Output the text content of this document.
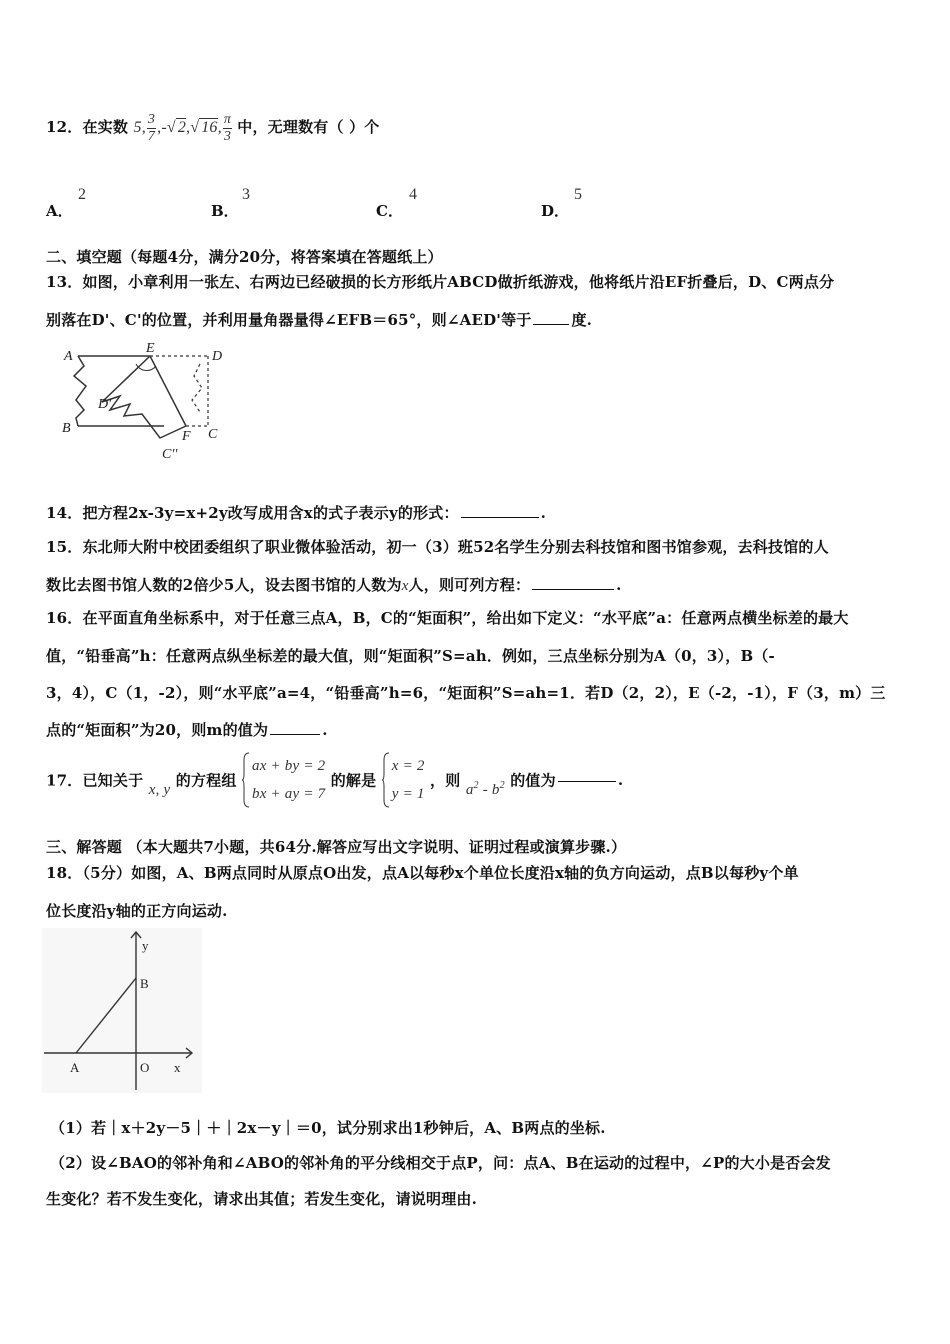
12．在实数 5, $\frac{3}{7}$ ,-√ 2,√ 16, $\frac{\pi}{3}$ 中，无理数有（ ）个
A．
2
B．
3
C．
4
D．
5
二、填空题（每题4分，满分20分，将答案填在答题纸上）
13．如图，小章利用一张左、右两边已经破损的长方形纸片ABCD做折纸游戏，他将纸片沿EF折叠后，D、C两点分
别落在D'、C'的位置，并利用量角器量得∠EFB＝65°，则∠AED'等于	度.
A
E
D
B
F C
D'
C''
14．把方程2x-3y=x+2y改写成用含x的式子表示y的形式：	.
15．东北师大附中校团委组织了职业微体验活动，初一（3）班52名学生分别去科技馆和图书馆参观，去科技馆的人
数比去图书馆人数的2倍少5人，设去图书馆的人数为x人，则可列方程：	.
16．在平面直角坐标系中，对于任意三点A，B，C的“矩面积”，给出如下定义：“水平底”a：任意两点横坐标差的最大
值，“铅垂高”h：任意两点纵坐标差的最大值，则“矩面积”S=ah．例如，三点坐标分别为A（0，3），B（-
3，4），C（1，-2），则“水平底”a=4，“铅垂高”h=6，“矩面积”S=ah=1．若D（2，2），E（-2，-1），F（3，m）三
点的“矩面积”为20，则m的值为	.
17．已知关于 x, y 的方程组
ax + by = 2
bx + ay = 7
的解是
x = 2
y = 1
，则 $a^2 - b^2$ 的值为	.
三、解答题 （本大题共7小题，共64分.解答应写出文字说明、证明过程或演算步骤.）
18．（5分）如图，A、B两点同时从原点O出发，点A以每秒x个单位长度沿x轴的负方向运动，点B以每秒y个单
位长度沿y轴的正方向运动.
y
B
A	O x
（1）若｜x＋2y－5｜＋｜2x－y｜＝0，试分别求出1秒钟后，A、B两点的坐标.
（2）设∠BAO的邻补角和∠ABO的邻补角的平分线相交于点P，问：点A、B在运动的过程中，∠P的大小是否会发
生变化？若不发生变化，请求出其值；若发生变化，请说明理由.
